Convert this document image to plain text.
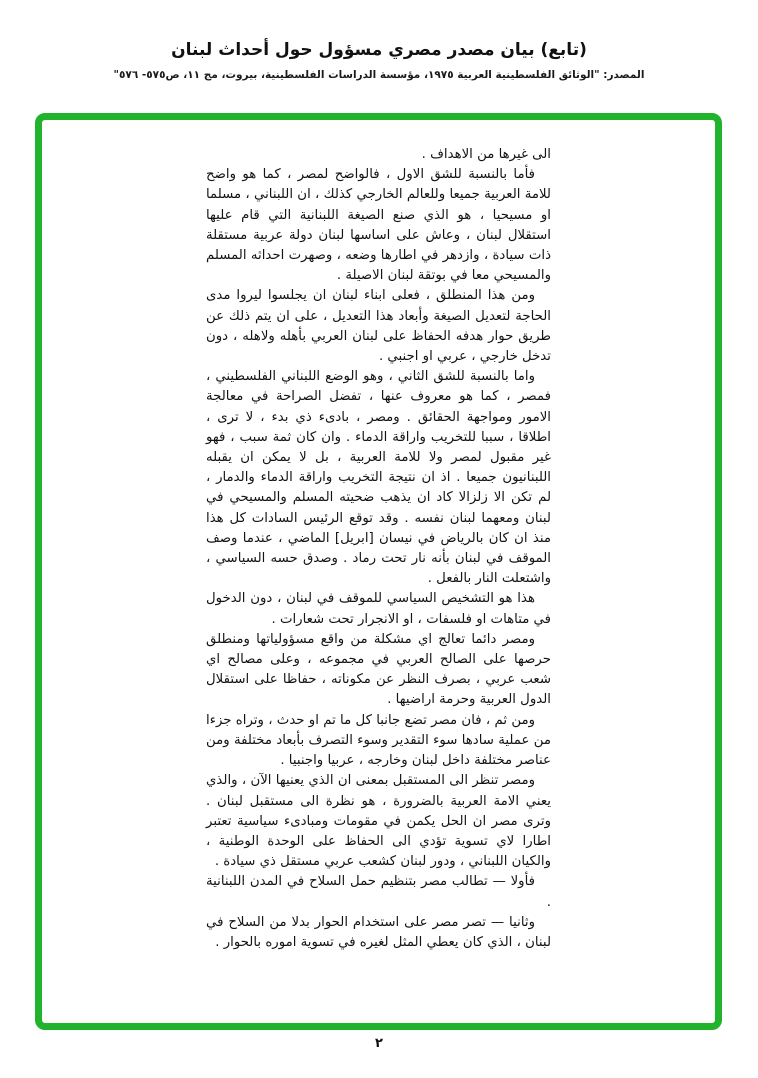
(تابع) بيان مصدر مصري مسؤول حول أحداث لبنان
المصدر: "الوثائق الفلسطينية العربية ١٩٧٥، مؤسسة الدراسات الفلسطينية، بيروت، مج ١١، ص٥٧٥- ٥٧٦"

الى غيرها من الاهداف .

فأما بالنسبة للشق الاول ، فالواضح لمصر ، كما هو واضح للامة العربية جميعا وللعالم الخارجي كذلك ، ان اللبناني ، مسلما او مسيحيا ، هو الذي صنع الصيغة اللبنانية التي قام عليها استقلال لبنان ، وعاش على اساسها لبنان دولة عربية مستقلة ذات سيادة ، وازدهر في اطارها وضعه ، وصهرت احداثه المسلم والمسيحي معا في بوتقة لبنان الاصيلة .

ومن هذا المنطلق ، فعلى ابناء لبنان ان يجلسوا ليروا مدى الحاجة لتعديل الصيغة وأبعاد هذا التعديل ، على ان يتم ذلك عن طريق حوار هدفه الحفاظ على لبنان العربي بأهله ولاهله ، دون تدخل خارجي ، عربي او اجنبي .

واما بالنسبة للشق الثاني ، وهو الوضع اللبناني الفلسطيني ، فمصر ، كما هو معروف عنها ، تفضل الصراحة في معالجة الامور ومواجهة الحقائق . ومصر ، بادىء ذي بدء ، لا ترى ، اطلاقا ، سببا للتخريب واراقة الدماء . وان كان ثمة سبب ، فهو غير مقبول لمصر ولا للامة العربية ، بل لا يمكن ان يقبله اللبنانيون جميعا . اذ ان نتيجة التخريب واراقة الدماء والدمار ، لم تكن الا زلزالا كاد ان يذهب ضحيته المسلم والمسيحي في لبنان ومعهما لبنان نفسه . وقد توقع الرئيس السادات كل هذا منذ ان كان بالرياض في نيسان [ابريل] الماضي ، عندما وصف الموقف في لبنان بأنه نار تحت رماد . وصدق حسه السياسي ، واشتعلت النار بالفعل .

هذا هو التشخيص السياسي للموقف في لبنان ، دون الدخول في متاهات او فلسفات ، او الانجرار تحت شعارات .

ومصر دائما تعالج اي مشكلة من واقع مسؤولياتها ومنطلق حرصها على الصالح العربي في مجموعه ، وعلى مصالح اي شعب عربي ، بصرف النظر عن مكوناته ، حفاظا على استقلال الدول العربية وحرمة اراضيها .

ومن ثم ، فان مصر تضع جانبا كل ما تم او حدث ، وتراه جزءا من عملية سادها سوء التقدير وسوء التصرف بأبعاد مختلفة ومن عناصر مختلفة داخل لبنان وخارجه ، عربيا واجنبيا .

ومصر تنظر الى المستقبل بمعنى ان الذي يعنيها الآن ، والذي يعني الامة العربية بالضرورة ، هو نظرة الى مستقبل لبنان . وترى مصر ان الحل يكمن في مقومات ومبادىء سياسية تعتبر اطارا لاي تسوية تؤدي الى الحفاظ على الوحدة الوطنية ، والكيان اللبناني ، ودور لبنان كشعب عربي مستقل ذي سيادة .

فأولا — تطالب مصر بتنظيم حمل السلاح في المدن اللبنانية .

وثانيا — تصر مصر على استخدام الحوار بدلا من السلاح في لبنان ، الذي كان يعطي المثل لغيره في تسوية اموره بالحوار .

٢
